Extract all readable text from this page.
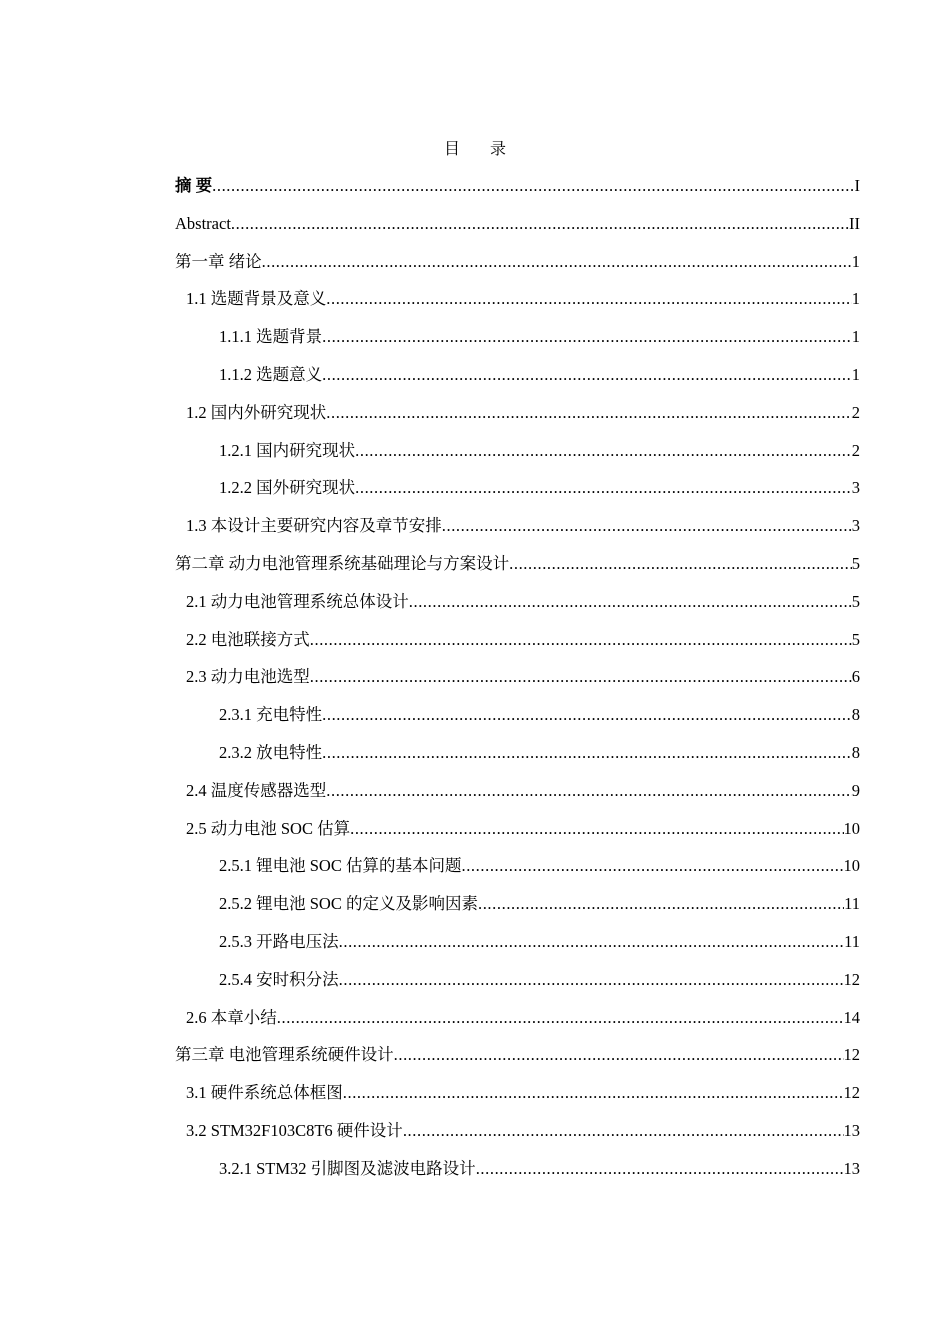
目 录
摘 要 .....	I
Abstract .....	II
第一章 绪论 .....	1
1.1 选题背景及意义 .....	1
1.1.1 选题背景 .....	1
1.1.2 选题意义 .....	1
1.2 国内外研究现状 .....	2
1.2.1 国内研究现状 .....	2
1.2.2 国外研究现状 .....	3
1.3 本设计主要研究内容及章节安排 .....	3
第二章 动力电池管理系统基础理论与方案设计 .....	5
2.1 动力电池管理系统总体设计 .....	5
2.2 电池联接方式 .....	5
2.3 动力电池选型 .....	6
2.3.1 充电特性 .....	8
2.3.2 放电特性 .....	8
2.4 温度传感器选型 .....	9
2.5 动力电池 SOC 估算 .....	10
2.5.1 锂电池 SOC 估算的基本问题 .....	10
2.5.2 锂电池 SOC 的定义及影响因素 .....	11
2.5.3 开路电压法 .....	11
2.5.4 安时积分法 .....	12
2.6 本章小结 .....	14
第三章 电池管理系统硬件设计 .....	12
3.1 硬件系统总体框图 .....	12
3.2 STM32F103C8T6 硬件设计 .....	13
3.2.1 STM32 引脚图及滤波电路设计 .....	13
